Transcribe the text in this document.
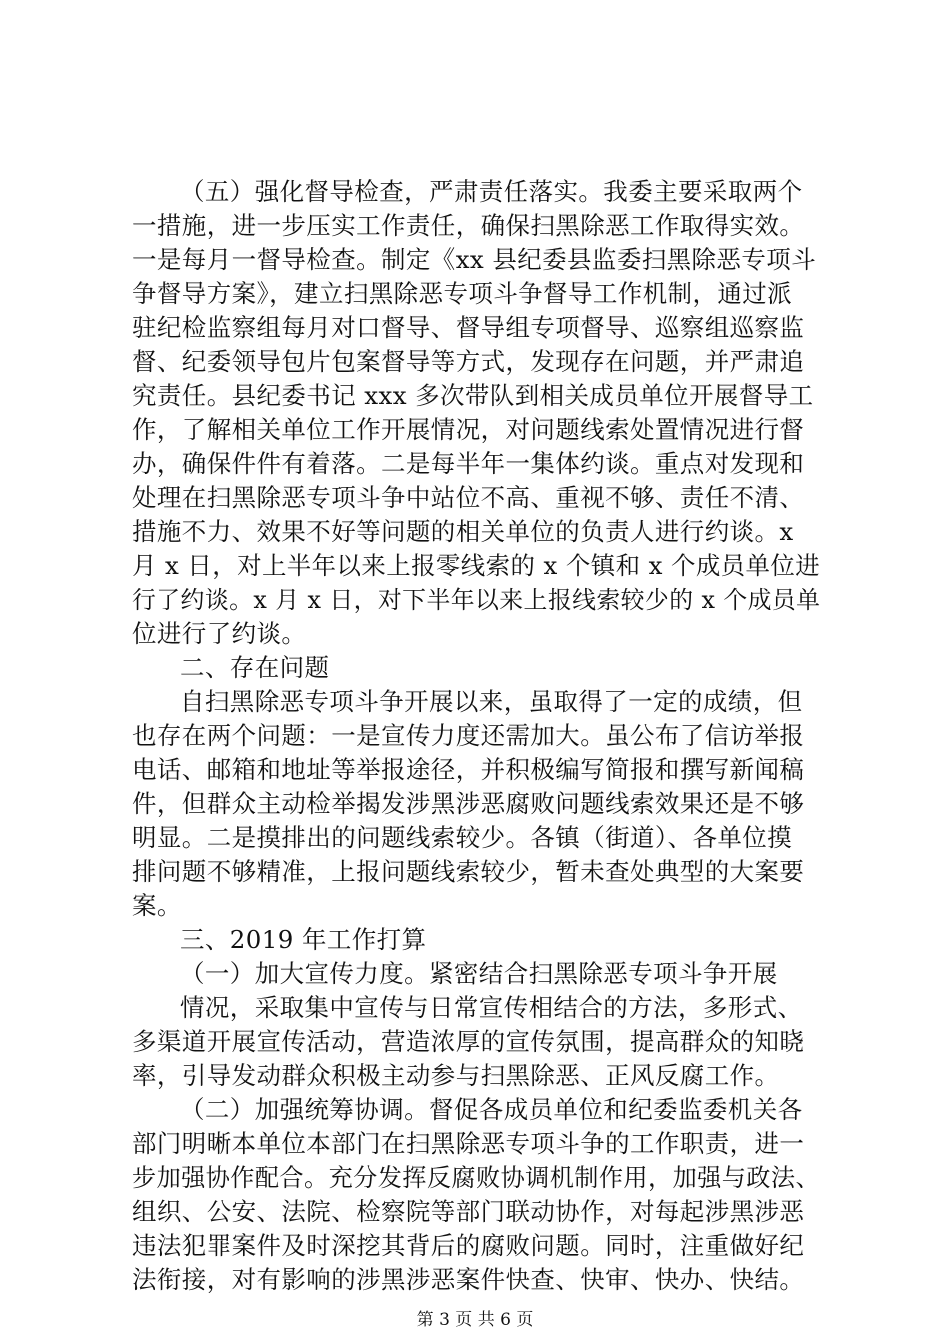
（五）强化督导检查，严肃责任落实。我委主要采取两个
一措施，进一步压实工作责任，确保扫黑除恶工作取得实效。
一是每月一督导检查。制定《xx 县纪委县监委扫黑除恶专项斗
争督导方案》，建立扫黑除恶专项斗争督导工作机制，通过派
驻纪检监察组每月对口督导、督导组专项督导、巡察组巡察监
督、纪委领导包片包案督导等方式，发现存在问题，并严肃追
究责任。县纪委书记 xxx 多次带队到相关成员单位开展督导工
作，了解相关单位工作开展情况，对问题线索处置情况进行督
办，确保件件有着落。二是每半年一集体约谈。重点对发现和
处理在扫黑除恶专项斗争中站位不高、重视不够、责任不清、
措施不力、效果不好等问题的相关单位的负责人进行约谈。x
月 x 日，对上半年以来上报零线索的 x 个镇和 x 个成员单位进
行了约谈。x 月 x 日，对下半年以来上报线索较少的 x 个成员单
位进行了约谈。
二、存在问题
自扫黑除恶专项斗争开展以来，虽取得了一定的成绩，但
也存在两个问题：一是宣传力度还需加大。虽公布了信访举报
电话、邮箱和地址等举报途径，并积极编写简报和撰写新闻稿
件，但群众主动检举揭发涉黑涉恶腐败问题线索效果还是不够
明显。二是摸排出的问题线索较少。各镇（街道）、各单位摸
排问题不够精准，上报问题线索较少，暂未查处典型的大案要
案。
三、2019 年工作打算
（一）加大宣传力度。紧密结合扫黑除恶专项斗争开展
情况，采取集中宣传与日常宣传相结合的方法，多形式、
多渠道开展宣传活动，营造浓厚的宣传氛围，提高群众的知晓
率，引导发动群众积极主动参与扫黑除恶、正风反腐工作。
（二）加强统筹协调。督促各成员单位和纪委监委机关各
部门明晰本单位本部门在扫黑除恶专项斗争的工作职责，进一
步加强协作配合。充分发挥反腐败协调机制作用，加强与政法、
组织、公安、法院、检察院等部门联动协作，对每起涉黑涉恶
违法犯罪案件及时深挖其背后的腐败问题。同时，注重做好纪
法衔接，对有影响的涉黑涉恶案件快查、快审、快办、快结。
第 3 页 共 6 页
